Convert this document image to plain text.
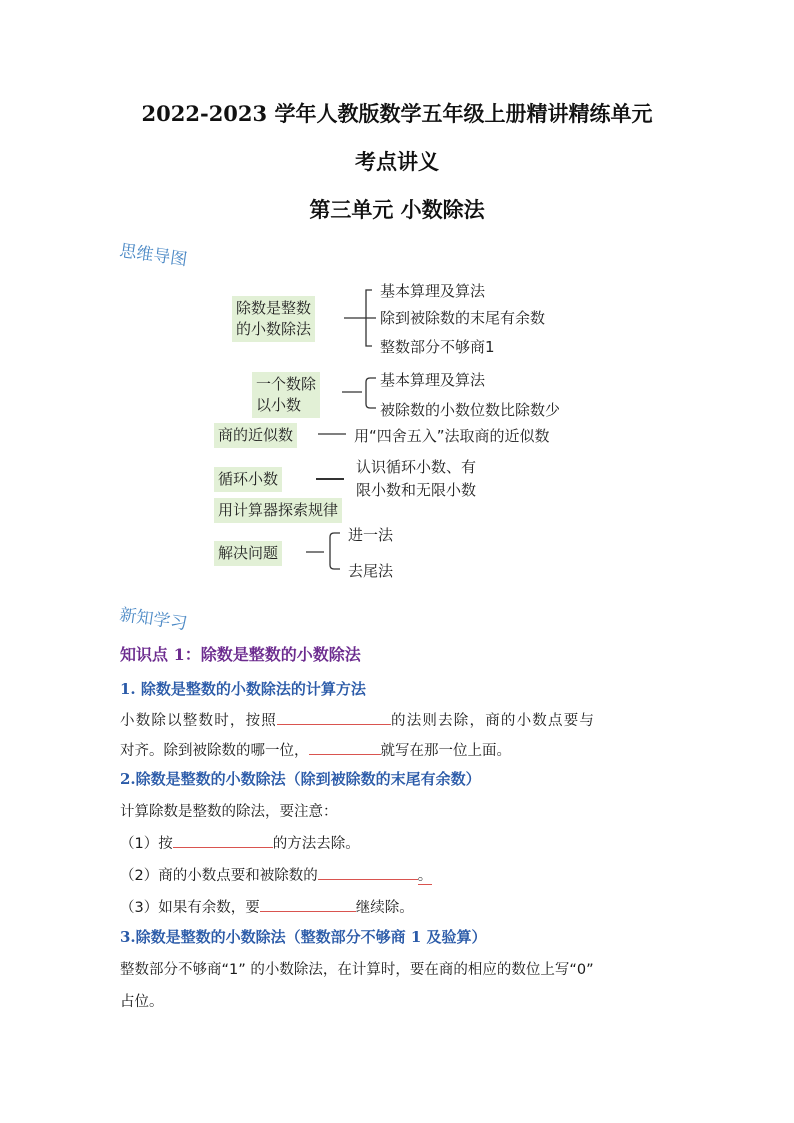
2022-2023 学年人教版数学五年级上册精讲精练单元
考点讲义
第三单元 小数除法
思维导图
除数是整数
的小数除法
基本算理及算法
除到被除数的末尾有余数
整数部分不够商1
一个数除
以小数
基本算理及算法
被除数的小数位数比除数少
商的近似数	用“四舍五入”法取商的近似数
循环小数
认识循环小数、有
限小数和无限小数
用计算器探索规律
解决问题
进一法
去尾法
新知学习
知识点 1：除数是整数的小数除法
1. 除数是整数的小数除法的计算方法
小数除以整数时，按照	的法则去除，商的小数点要与
对齐。除到被除数的哪一位，	就写在那一位上面。
2.除数是整数的小数除法（除到被除数的末尾有余数）
计算除数是整数的除法，要注意：
（1）按	的方法去除。
（2）商的小数点要和被除数的	。
（3）如果有余数，要	继续除。
3.除数是整数的小数除法（整数部分不够商 1 及验算）
整数部分不够商“1” 的小数除法，在计算时，要在商的相应的数位上写“0”
占位。
